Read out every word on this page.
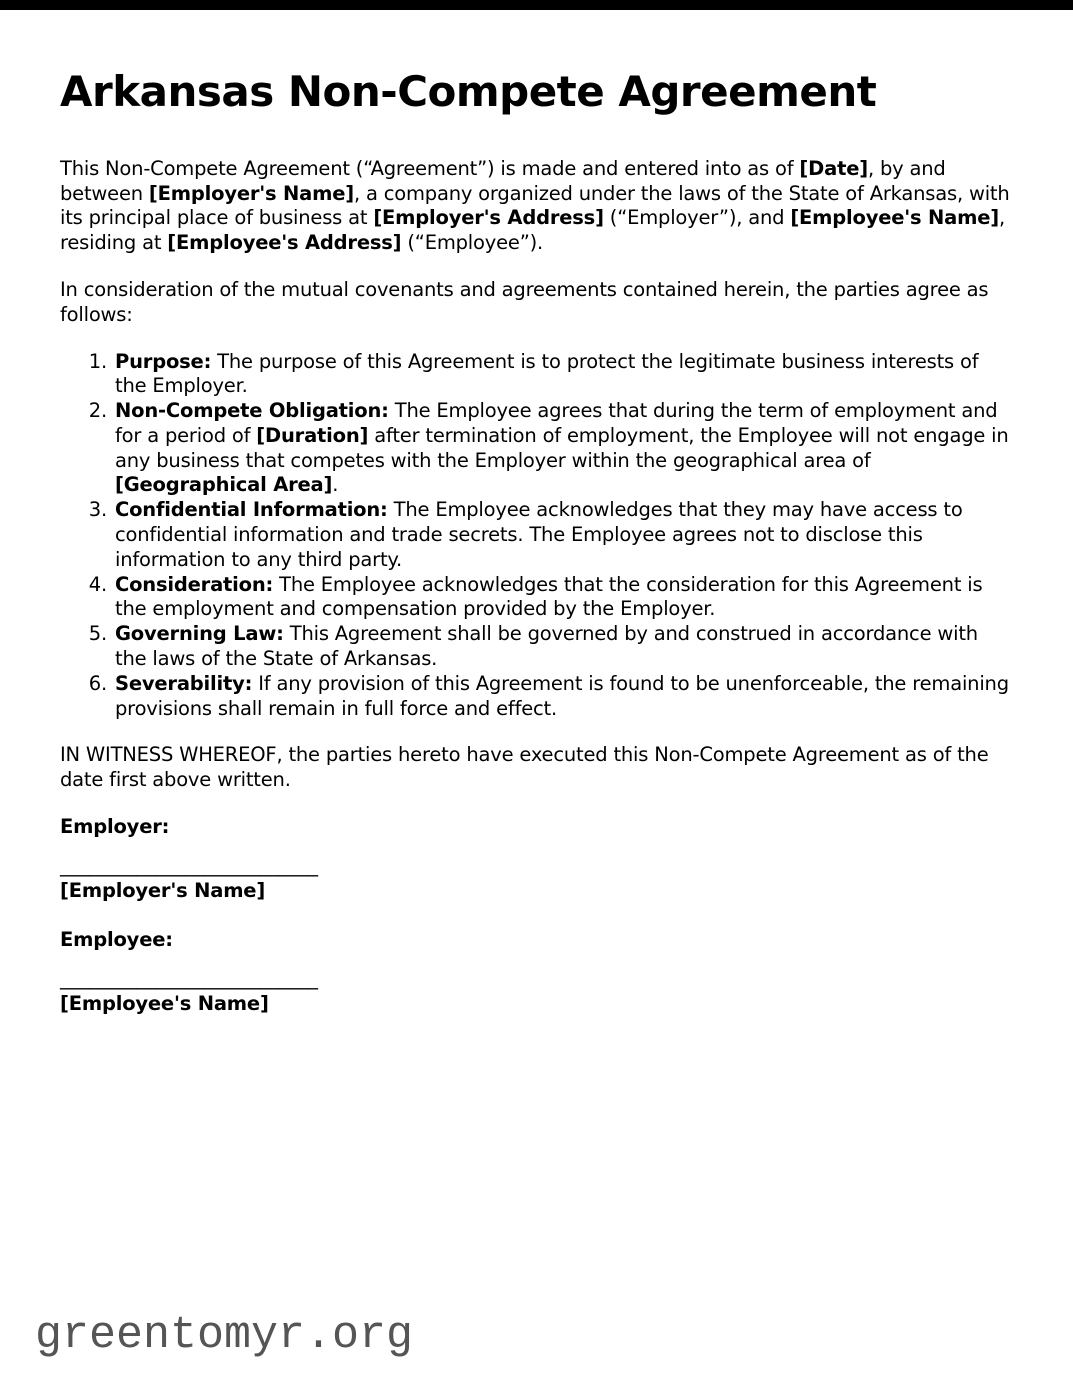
Arkansas Non-Compete Agreement

This Non-Compete Agreement (“Agreement”) is made and entered into as of [Date], by and between [Employer's Name], a company organized under the laws of the State of Arkansas, with its principal place of business at [Employer's Address] (“Employer”), and [Employee's Name], residing at [Employee's Address] (“Employee”).

In consideration of the mutual covenants and agreements contained herein, the parties agree as follows:

1. Purpose: The purpose of this Agreement is to protect the legitimate business interests of the Employer.
2. Non-Compete Obligation: The Employee agrees that during the term of employment and for a period of [Duration] after termination of employment, the Employee will not engage in any business that competes with the Employer within the geographical area of [Geographical Area].
3. Confidential Information: The Employee acknowledges that they may have access to confidential information and trade secrets. The Employee agrees not to disclose this information to any third party.
4. Consideration: The Employee acknowledges that the consideration for this Agreement is the employment and compensation provided by the Employer.
5. Governing Law: This Agreement shall be governed by and construed in accordance with the laws of the State of Arkansas.
6. Severability: If any provision of this Agreement is found to be unenforceable, the remaining provisions shall remain in full force and effect.

IN WITNESS WHEREOF, the parties hereto have executed this Non-Compete Agreement as of the date first above written.

Employer:

___________________________
[Employer's Name]

Employee:

___________________________
[Employee's Name]

greentomyr.org
